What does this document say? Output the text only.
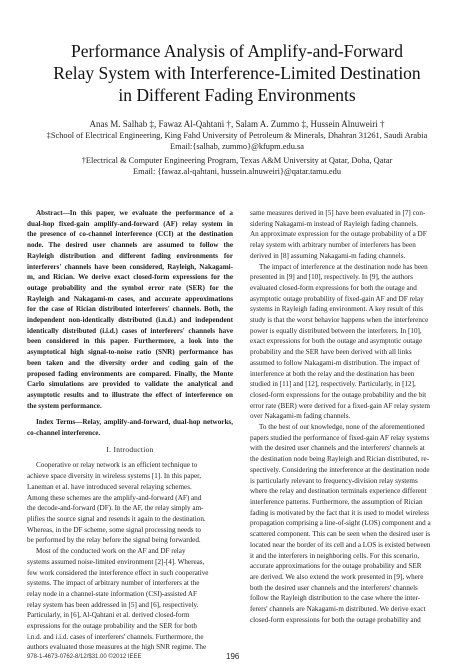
Performance Analysis of Amplify-and-Forward
Relay System with Interference-Limited Destination
in Different Fading Environments
Anas M. Salhab ‡, Fawaz Al-Qahtani †, Salam A. Zummo ‡, Hussein Alnuweiri †
‡School of Electrical Engineering, King Fahd University of Petroleum & Minerals, Dhahran 31261, Saudi Arabia
Email:{salhab, zummo}@kfupm.edu.sa
†Electrical & Computer Engineering Program, Texas A&M University at Qatar, Doha, Qatar
Email: {fawaz.al-qahtani, hussein.alnuweiri}@qatar.tamu.edu
Abstract—In this paper, we evaluate the performance of a
dual-hop fixed-gain amplify-and-forward (AF) relay system in
the presence of co-channel interference (CCI) at the destination
node. The desired user channels are assumed to follow the
Rayleigh distribution and different fading environments for
interferers' channels have been considered, Rayleigh, Nakagami-
m, and Rician. We derive exact closed-form expressions for the
outage probability and the symbol error rate (SER) for the
Rayleigh and Nakagami-m cases, and accurate approximations
for the case of Rician distributed interferers' channels. Both, the
independent non-identically distributed (i.n.d.) and independent
identically distributed (i.i.d.) cases of interferers' channels have
been considered in this paper. Furthermore, a look into the
asymptotical high signal-to-noise ratio (SNR) performance has
been taken and the diversity order and coding gain of the
proposed fading environments are compared. Finally, the Monte
Carlo simulations are provided to validate the analytical and
asymptotic results and to illustrate the effect of interference on
the system performance.
Index Terms—Relay, amplify-and-forward, dual-hop networks,
co-channel interference.
I. Introduction
Cooperative or relay network is an efficient technique to
achieve space diversity in wireless systems [1]. In this paper,
Laneman et al. have introduced several relaying schemes.
Among these schemes are the amplify-and-forward (AF) and
the decode-and-forward (DF). In the AF, the relay simply am-
plifies the source signal and resends it again to the destination.
Whereas, in the DF scheme, some signal processing needs to
be performed by the relay before the signal being forwarded.
Most of the conducted work on the AF and DF relay
systems assumed noise-limited environment [2]-[4]. Whereas,
few work considered the interference effect in such cooperative
systems. The impact of arbitrary number of interferers at the
relay node in a channel-state information (CSI)-assisted AF
relay system has been addressed in [5] and [6], respectively.
Particularly, in [6], Al-Qahtani et al. derived closed-form
expressions for the outage probability and the SER for both
i.n.d. and i.i.d. cases of interferers' channels. Furthermore, the
authors evaluated those measures at the high SNR regime. The
same measures derived in [5] have been evaluated in [7] con-
sidering Nakagami-m instead of Rayleigh fading channels.
An approximate expression for the outage probability of a DF
relay system with arbitrary number of interferers has been
derived in [8] assuming Nakagami-m fading channels.
The impact of interference at the destination node has been
presented in [9] and [10], respectively. In [9], the authors
evaluated closed-form expressions for both the outage and
asymptotic outage probability of fixed-gain AF and DF relay
systems in Rayleigh fading environment. A key result of this
study is that the worst behavior happens when the interference
power is equally distributed between the interferers. In [10],
exact expressions for both the outage and asymptotic outage
probability and the SER have been derived with all links
assumed to follow Nakagami-m distribution. The impact of
interference at both the relay and the destination has been
studied in [11] and [12], respectively. Particularly, in [12],
closed-form expressions for the outage probability and the bit
error rate (BER) were derived for a fixed-gain AF relay system
over Nakagami-m fading channels.
To the best of our knowledge, none of the aforementioned
papers studied the performance of fixed-gain AF relay systems
with the desired user channels and the interferers' channels at
the destination node being Rayleigh and Rician distributed, re-
spectively. Considering the interference at the destination node
is particularly relevant to frequency-division relay systems
where the relay and destination terminals experience different
interference patterns. Furthermore, the assumption of Rician
fading is motivated by the fact that it is used to model wireless
propagation comprising a line-of-sight (LOS) component and a
scattered component. This can be seen when the desired user is
located near the border of its cell and a LOS is existed between
it and the interferers in neighboring cells. For this scenario,
accurate approximations for the outage probability and SER
are derived. We also extend the work presented in [9], where
both the desired user channels and the interferers' channels
follow the Rayleigh distribution to the case where the inter-
ferers' channels are Nakagami-m distributed. We derive exact
closed-form expressions for both the outage probability and
978-1-4673-0762-8/12/$31.00 ©2012 IEEE	196
